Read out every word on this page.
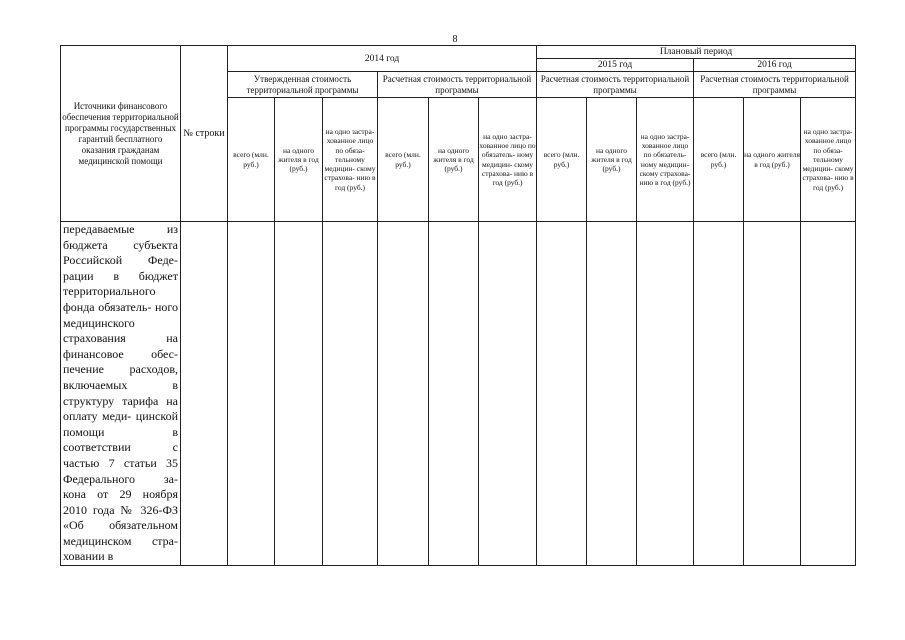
8
Источники финансового обеспечения территориальной программы государственных гарантий бесплатного оказания гражданам медицинской помощи	№ строки	2014 год						Плановый период					
								2015 год			2016 год		
		Утвержденная стоимость территориальной программы			Расчетная стоимость территориальной программы			Расчетная стоимость территориальной программы			Расчетная стоимость территориальной программы		
		всего (млн. руб.)	на одного жителя в год (руб.)	на одно застра- хованное лицо по обяза- тельному медицин- скому страхова- нию в год (руб.)	всего (млн. руб.)	на одного жителя в год (руб.)	на одно застра- хованное лицо по обязатель- ному медицин- скому страхова- нию в год (руб.)	всего (млн. руб.)	на одного жителя в год (руб.)	на одно застра- хованное лицо по обязатель- ному медицин- скому страхова- нию в год (руб.)	всего (млн. руб.)	на одного жителя в год (руб.)	на одно застра- хованное лицо по обяза- тельному медицин- скому страхова- нию в год (руб.)
передаваемые из бюджета субъекта Российской Феде- рации в бюджет территориального фонда обязатель- ного медицинского страхования на финансовое обес- печение расходов, включаемых в структуру тарифа на оплату меди- цинской помощи в соответствии с частью 7 статьи 35 Федерального за- кона от 29 ноября 2010 года № 326-ФЗ «Об обязательном медицинском стра- ховании в													
